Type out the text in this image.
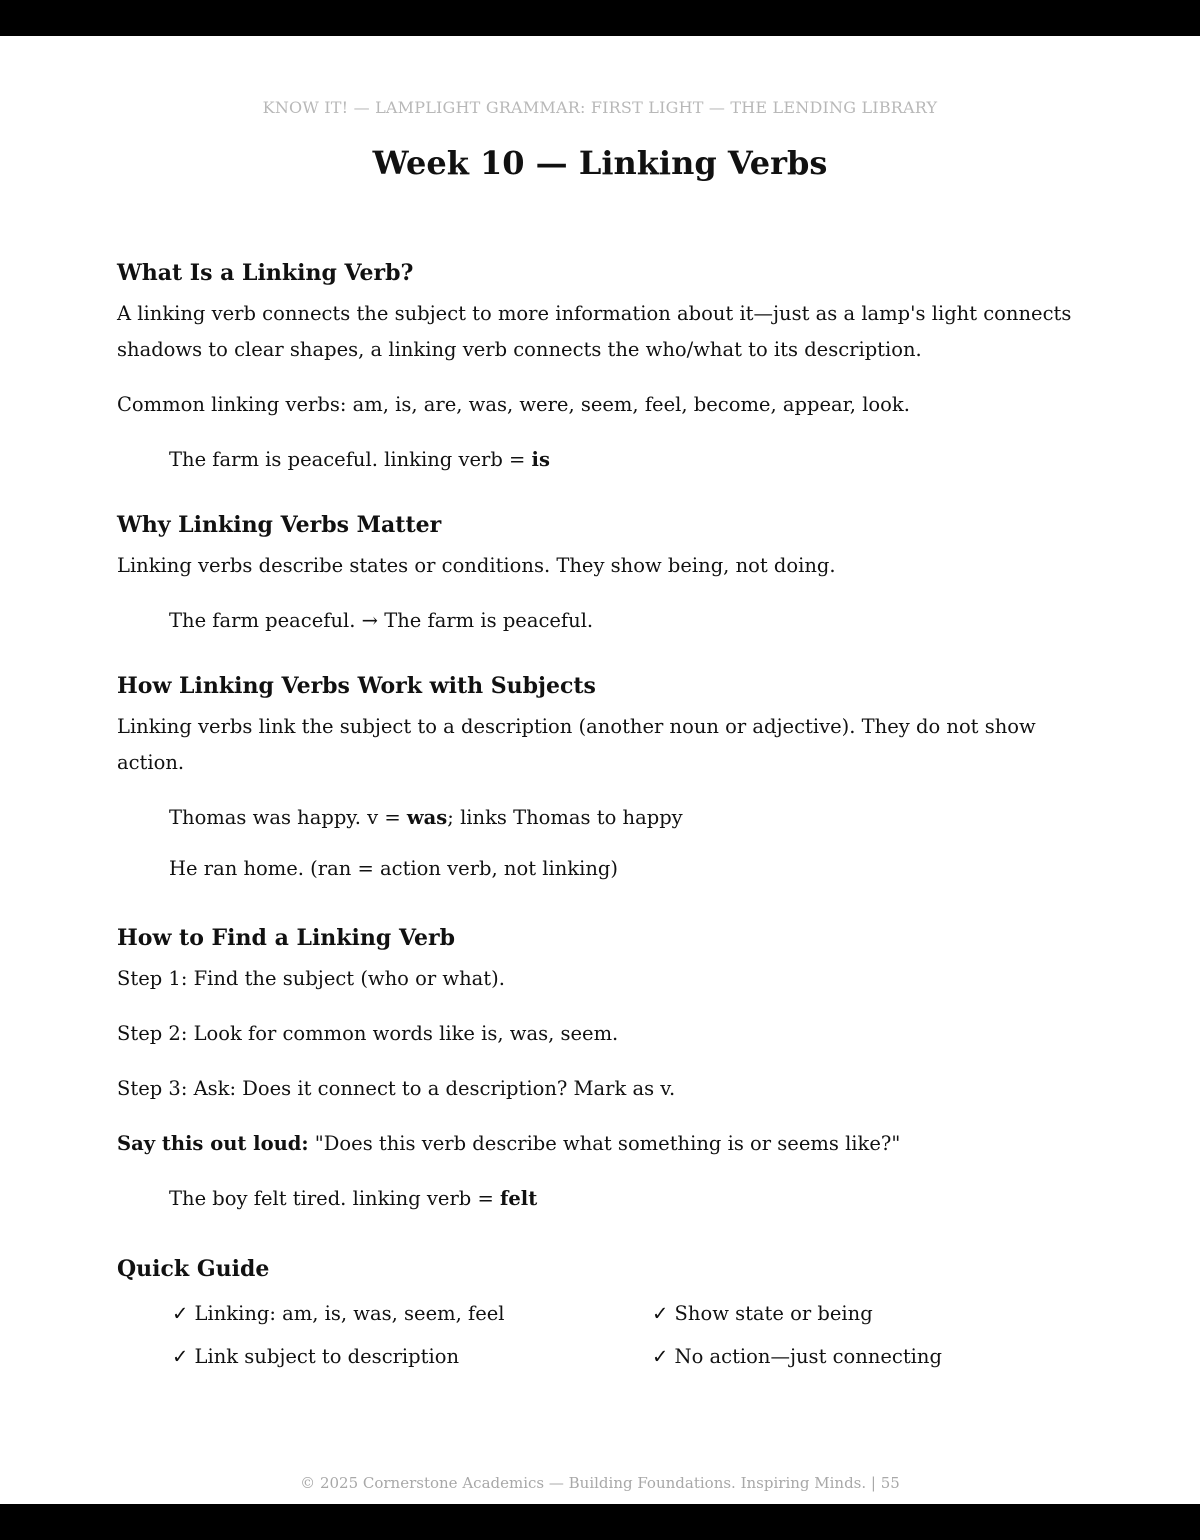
KNOW IT! — LAMPLIGHT GRAMMAR: FIRST LIGHT — THE LENDING LIBRARY
Week 10 — Linking Verbs
What Is a Linking Verb?

A linking verb connects the subject to more information about it—just as a lamp's light connects shadows to clear shapes, a linking verb connects the who/what to its description.

Common linking verbs: am, is, are, was, were, seem, feel, become, appear, look.

The farm is peaceful. linking verb = is

Why Linking Verbs Matter

Linking verbs describe states or conditions. They show being, not doing.

The farm peaceful. → The farm is peaceful.

How Linking Verbs Work with Subjects

Linking verbs link the subject to a description (another noun or adjective). They do not show action.

Thomas was happy. v = was; links Thomas to happy

He ran home. (ran = action verb, not linking)

How to Find a Linking Verb

Step 1: Find the subject (who or what).

Step 2: Look for common words like is, was, seem.

Step 3: Ask: Does it connect to a description? Mark as v.

Say this out loud: "Does this verb describe what something is or seems like?"

The boy felt tired. linking verb = felt

Quick Guide
✓ Linking: am, is, was, seem, feel	✓ Show state or being
✓ Link subject to description	✓ No action—just connecting
© 2025 Cornerstone Academics — Building Foundations. Inspiring Minds. | 55
